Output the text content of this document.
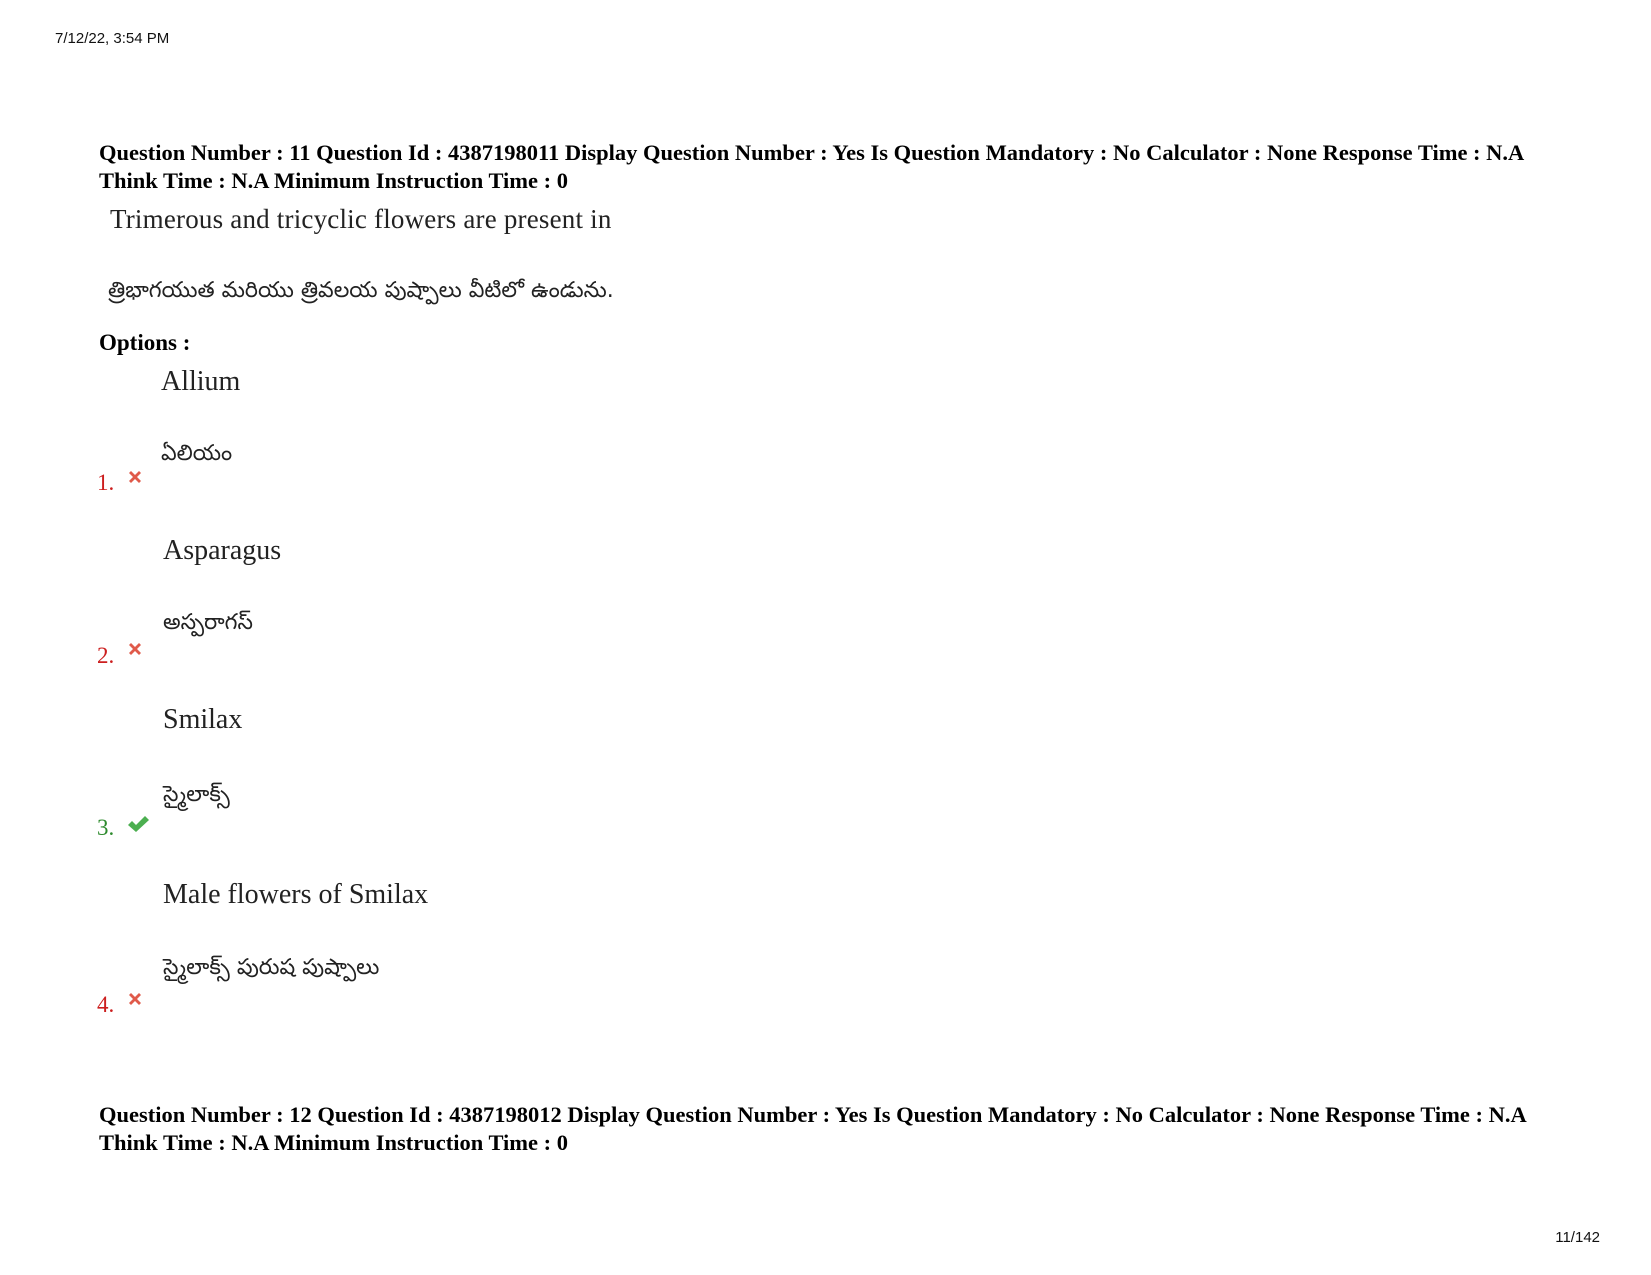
7/12/22, 3:54 PM
Question Number : 11 Question Id : 4387198011 Display Question Number : Yes Is Question Mandatory : No Calculator : None Response Time : N.A Think Time : N.A Minimum Instruction Time : 0
Trimerous and tricyclic flowers are present in
త్రిభాగయుత మరియు త్రివలయ పుష్పాలు వీటిలో ఉండును.
Options :
Allium
ఏలియం
1.
Asparagus
అస్పరాగస్
2.
Smilax
స్మైలాక్స్
3.
Male flowers of Smilax
స్మైలాక్స్ పురుష పుష్పాలు
4.
Question Number : 12 Question Id : 4387198012 Display Question Number : Yes Is Question Mandatory : No Calculator : None Response Time : N.A Think Time : N.A Minimum Instruction Time : 0
11/142
